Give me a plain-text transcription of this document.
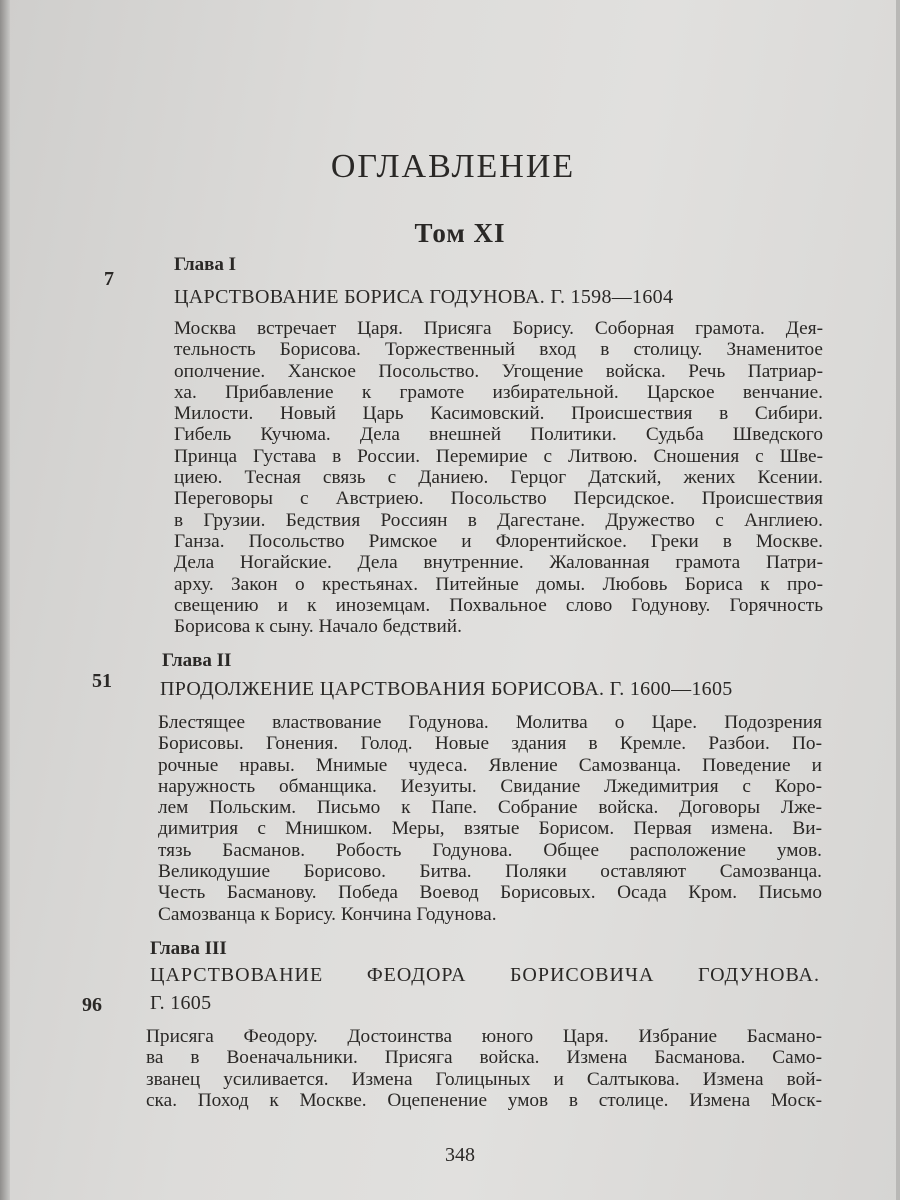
ОГЛАВЛЕНИЕ
Том XI
Глава I
7
ЦАРСТВОВАНИЕ БОРИСА ГОДУНОВА. Г. 1598—1604
Москва встречает Царя. Присяга Борису. Соборная грамота. Дея-
тельность Борисова. Торжественный вход в столицу. Знаменитое
ополчение. Ханское Посольство. Угощение войска. Речь Патриар-
ха. Прибавление к грамоте избирательной. Царское венчание.
Милости. Новый Царь Касимовский. Происшествия в Сибири.
Гибель Кучюма. Дела внешней Политики. Судьба Шведского
Принца Густава в России. Перемирие с Литвою. Сношения с Шве-
циею. Тесная связь с Даниею. Герцог Датский, жених Ксении.
Переговоры с Австриею. Посольство Персидское. Происшествия
в Грузии. Бедствия Россиян в Дагестане. Дружество с Англиею.
Ганза. Посольство Римское и Флорентийское. Греки в Москве.
Дела Ногайские. Дела внутренние. Жалованная грамота Патри-
арху. Закон о крестьянах. Питейные домы. Любовь Бориса к про-
свещению и к иноземцам. Похвальное слово Годунову. Горячность
Борисова к сыну. Начало бедствий.
Глава II
51 ПРОДОЛЖЕНИЕ ЦАРСТВОВАНИЯ БОРИСОВА. Г. 1600—1605
Блестящее властвование Годунова. Молитва о Царе. Подозрения
Борисовы. Гонения. Голод. Новые здания в Кремле. Разбои. По-
рочные нравы. Мнимые чудеса. Явление Самозванца. Поведение и
наружность обманщика. Иезуиты. Свидание Лжедимитрия с Коро-
лем Польским. Письмо к Папе. Собрание войска. Договоры Лже-
димитрия с Мнишком. Меры, взятые Борисом. Первая измена. Ви-
тязь Басманов. Робость Годунова. Общее расположение умов.
Великодушие Борисово. Битва. Поляки оставляют Самозванца.
Честь Басманову. Победа Воевод Борисовых. Осада Кром. Письмо
Самозванца к Борису. Кончина Годунова.
Глава III
ЦАРСТВОВАНИЕ ФЕОДОРА БОРИСОВИЧА ГОДУНОВА.
96 Г. 1605
Присяга Феодору. Достоинства юного Царя. Избрание Басмано-
ва в Военачальники. Присяга войска. Измена Басманова. Само-
званец усиливается. Измена Голицыных и Салтыкова. Измена вой-
ска. Поход к Москве. Оцепенение умов в столице. Измена Моск-
348
